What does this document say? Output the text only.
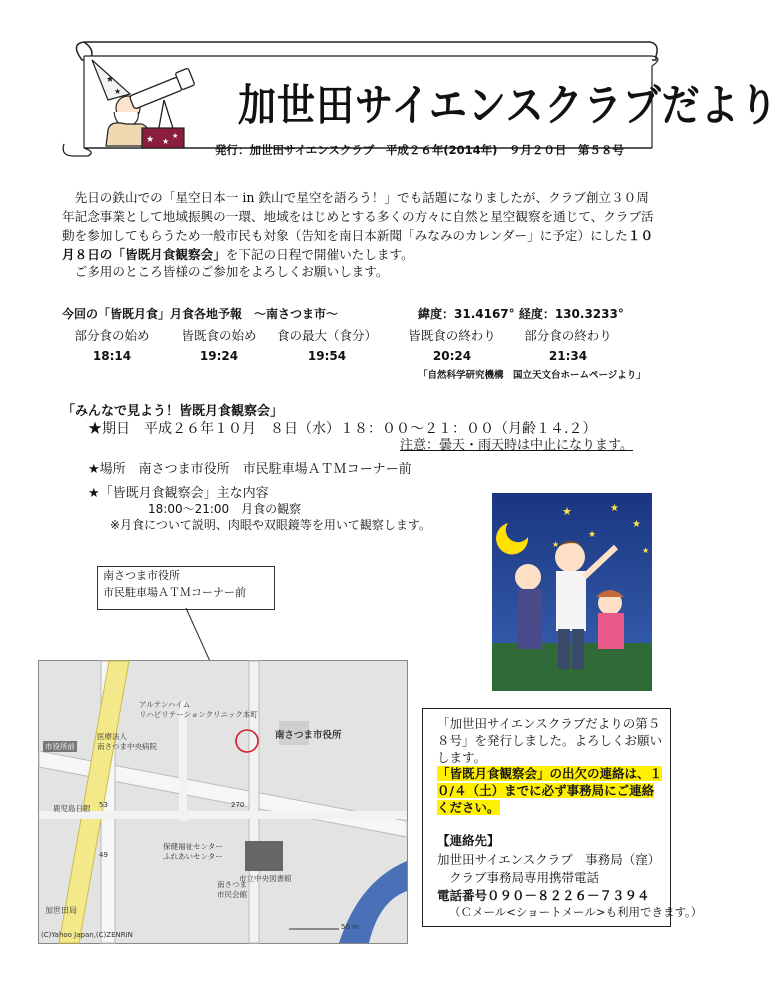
★
★
★ ★
★
加世田サイエンスクラブだより
発行：加世田サイエンスクラブ　平成２６年(2014年)　９月２０日　第５８号
先日の鉄山での「星空日本一 in 鉄山で星空を語ろう！」でも話題になりましたが、クラブ創立３０周年記念事業として地域振興の一環、地域をはじめとする多くの方々に自然と星空観察を通じて、クラブ活動を参加してもらうため一般市民も対象（告知を南日本新聞「みなみのカレンダー」に予定）にした１０月８日の「皆既月食観察会」を下記の日程で開催いたします。
ご多用のところ皆様のご参加をよろしくお願いします。
今回の「皆既月食」月食各地予報　～南さつま市～	緯度：31.4167° 経度：130.3233°
部分食の始め	皆既食の始め	食の最大（食分）	皆既食の終わり	部分食の終わり
18:14	19:24	19:54	20:24	21:34
「自然科学研究機構　国立天文台ホームページより」
「みんなで見よう！皆既月食観察会」
★期日　平成２６年１０月　８日（水）１８：００～２１：００（月齢１４.２）
注意：曇天・雨天時は中止になります。
★場所　南さつま市役所　市民駐車場ＡＴＭコーナー前
★「皆既月食観察会」主な内容
18:00～21:00　月食の観察
※月食について説明、肉眼や双眼鏡等を用いて観察します。
南さつま市役所
市民駐車場ＡＴＭコーナー前
南さつま市役所
アルテンハイム
リハビリテーションクリニック本町
医療法人
南さつま中央病院
市役所前
鹿児島日銀
保健福祉センター
ふれあいセンター
市立中央図書館
南さつま
市民会館
加世田局
(C)Yahoo Japan,(C)ZENRIN
50 m
270
53
49
★	★
★
★
★
★
「加世田サイエンスクラブだよりの第５８号」を発行しました。よろしくお願いします。
「皆既月食観察会」の出欠の連絡は、１０/４（土）までに必ず事務局にご連絡ください。
【連絡先】
加世田サイエンスクラブ　事務局（窪）
クラブ事務局専用携帯電話
電話番号０９０－８２２６－７３９４
（Ｃメール<ショートメール>も利用できます。）
